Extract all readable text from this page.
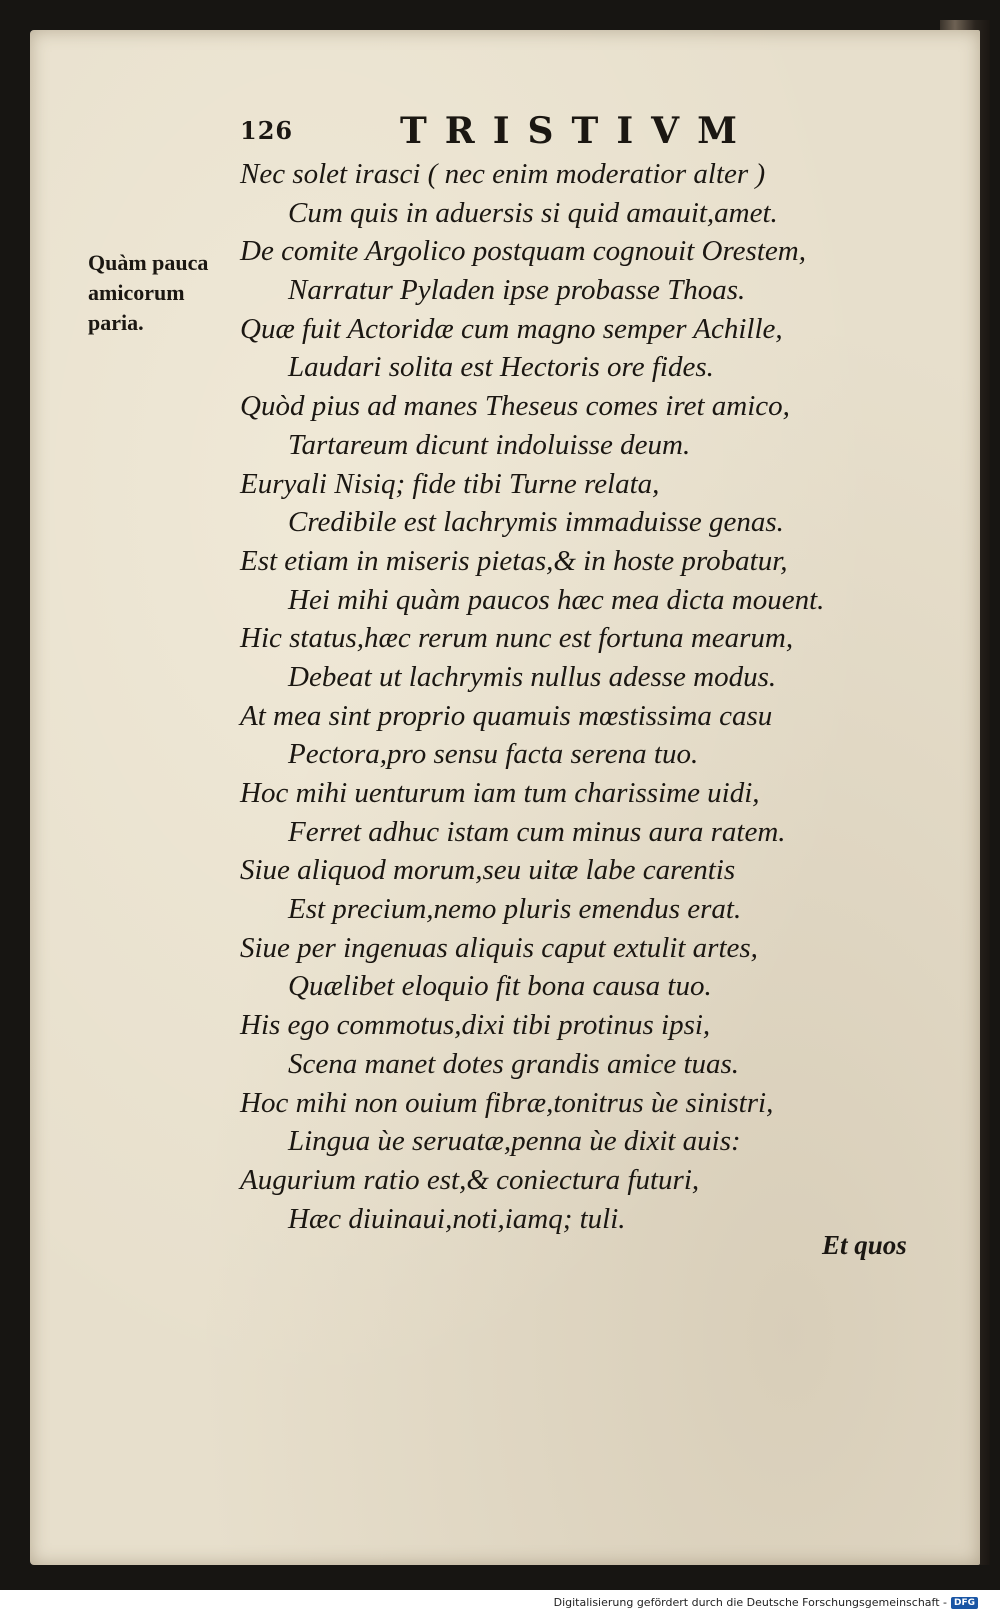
126	TRISTIVM
Quàm pauca
amicorum
paria.
Nec solet irasci ( nec enim moderatior alter )
Cum quis in aduersis si quid amauit,amet.
De comite Argolico postquam cognouit Orestem,
Narratur Pyladen ipse probasse Thoas.
Quæ fuit Actoridæ cum magno semper Achille,
Laudari solita est Hectoris ore fides.
Quòd pius ad manes Theseus comes iret amico,
Tartareum dicunt indoluisse deum.
Euryali Nisiq; fide tibi Turne relata,
Credibile est lachrymis immaduisse genas.
Est etiam in miseris pietas,& in hoste probatur,
Hei mihi quàm paucos hæc mea dicta mouent.
Hic status,hæc rerum nunc est fortuna mearum,
Debeat ut lachrymis nullus adesse modus.
At mea sint proprio quamuis mœstissima casu
Pectora,pro sensu facta serena tuo.
Hoc mihi uenturum iam tum charissime uidi,
Ferret adhuc istam cum minus aura ratem.
Siue aliquod morum,seu uitæ labe carentis
Est precium,nemo pluris emendus erat.
Siue per ingenuas aliquis caput extulit artes,
Quælibet eloquio fit bona causa tuo.
His ego commotus,dixi tibi protinus ipsi,
Scena manet dotes grandis amice tuas.
Hoc mihi non ouium fibræ,tonitrus ùe sinistri,
Lingua ùe seruatæ,penna ùe dixit auis:
Augurium ratio est,& coniectura futuri,
Hæc diuinaui,noti,iamq; tuli.
Et quos
Digitalisierung gefördert durch die Deutsche Forschungsgemeinschaft - DFG
